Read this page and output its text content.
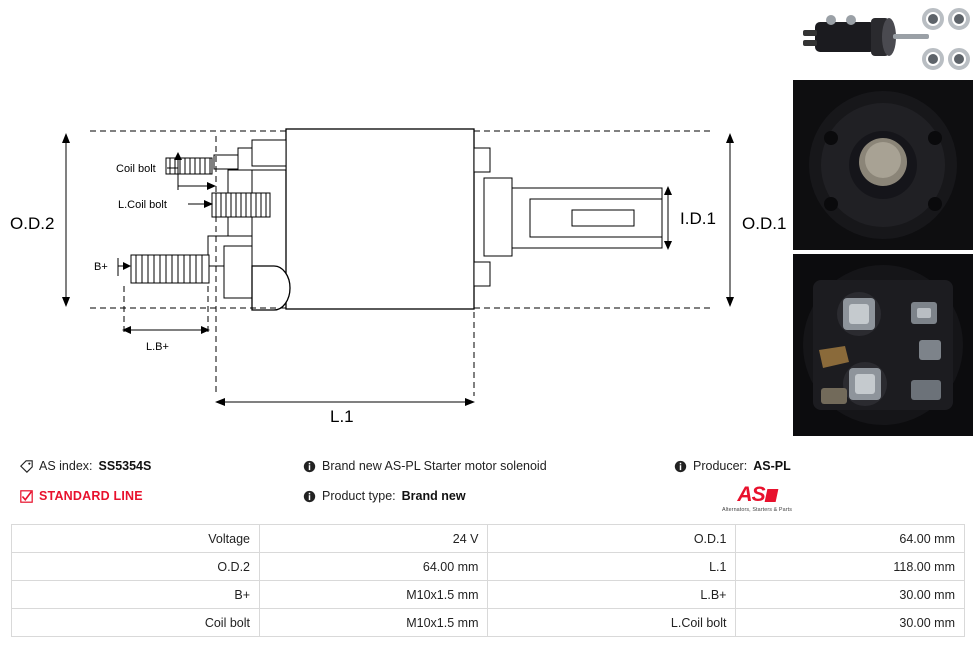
O.D.2	O.D.1
I.D.1
L.1
L.B+
B+
Coil bolt
L.Coil bolt
AS index: SS5354S
STANDARD LINE
Brand new AS-PL Starter motor solenoid
Product type: Brand new
Producer: AS-PL
AS
Alternators, Starters & Parts
Voltage	24 V	O.D.1	64.00 mm
O.D.2	64.00 mm	L.1	118.00 mm
B+	M10x1.5 mm	L.B+	30.00 mm
Coil bolt	M10x1.5 mm	L.Coil bolt	30.00 mm
